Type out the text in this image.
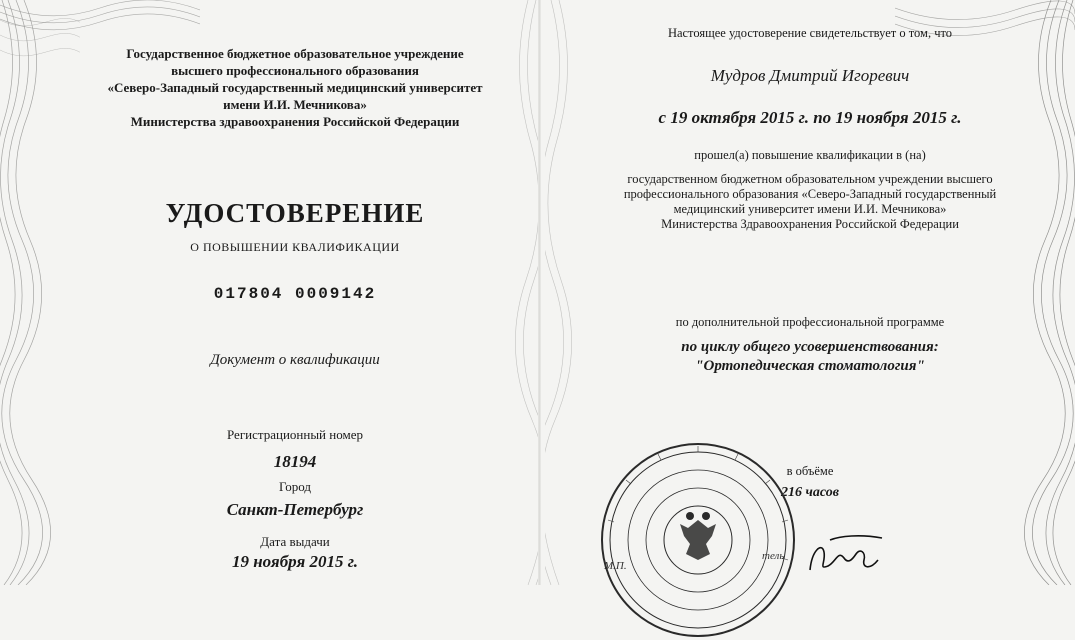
Государственное бюджетное образовательное учреждение
высшего профессионального образования
«Северо-Западный государственный медицинский университет
имени И.И. Мечникова»
Министерства здравоохранения Российской Федерации
УДОСТОВЕРЕНИЕ
О ПОВЫШЕНИИ КВАЛИФИКАЦИИ
017804 0009142
Документ о квалификации
Регистрационный номер
18194
Город
Санкт-Петербург
Дата выдачи
19 ноября 2015 г.
Настоящее удостоверение свидетельствует о том, что
Мудров Дмитрий Игоревич
с 19 октября 2015 г. по 19 ноября 2015 г.
прошел(а) повышение квалификации в (на)
государственном бюджетном образовательном учреждении высшего
профессионального образования «Северо-Западный государственный
медицинский университет имени И.И. Мечникова»
Министерства Здравоохранения Российской Федерации
по дополнительной профессиональной программе
по циклу общего усовершенствования:
"Ортопедическая стоматология"
в объёме
216 часов
М.П.
тель
